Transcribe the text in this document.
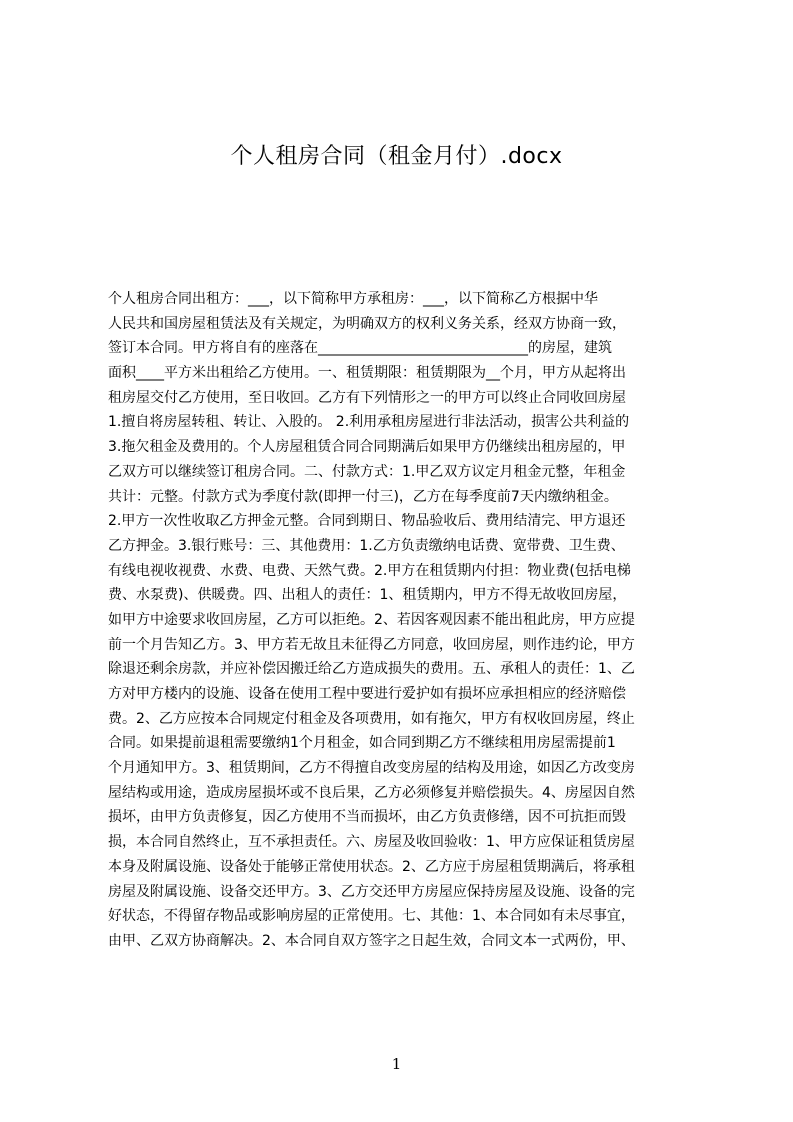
个人租房合同（租金月付）.docx
个人租房合同出租方：___，以下简称甲方承租房：___，以下简称乙方根据中华
人民共和国房屋租赁法及有关规定，为明确双方的权利义务关系，经双方协商一致，
签订本合同。甲方将自有的座落在______________________________的房屋，建筑
面积____平方米出租给乙方使用。一、租赁期限：租赁期限为__个月，甲方从起将出
租房屋交付乙方使用，至日收回。乙方有下列情形之一的甲方可以终止合同收回房屋
1.擅自将房屋转租、转让、入股的。 2.利用承租房屋进行非法活动，损害公共利益的
3.拖欠租金及费用的。个人房屋租赁合同合同期满后如果甲方仍继续出租房屋的，甲
乙双方可以继续签订租房合同。二、付款方式：1.甲乙双方议定月租金元整，年租金
共计：元整。付款方式为季度付款(即押一付三)，乙方在每季度前7天内缴纳租金。
2.甲方一次性收取乙方押金元整。合同到期日、物品验收后、费用结清完、甲方退还
乙方押金。3.银行账号：三、其他费用：1.乙方负责缴纳电话费、宽带费、卫生费、
有线电视收视费、水费、电费、天然气费。2.甲方在租赁期内付担：物业费(包括电梯
费、水泵费)、供暖费。四、出租人的责任：1、租赁期内，甲方不得无故收回房屋，
如甲方中途要求收回房屋，乙方可以拒绝。2、若因客观因素不能出租此房，甲方应提
前一个月告知乙方。3、甲方若无故且未征得乙方同意，收回房屋，则作违约论，甲方
除退还剩余房款，并应补偿因搬迁给乙方造成损失的费用。五、承租人的责任：1、乙
方对甲方楼内的设施、设备在使用工程中要进行爱护如有损坏应承担相应的经济赔偿
费。2、乙方应按本合同规定付租金及各项费用，如有拖欠，甲方有权收回房屋，终止
合同。如果提前退租需要缴纳1个月租金，如合同到期乙方不继续租用房屋需提前1
个月通知甲方。3、租赁期间，乙方不得擅自改变房屋的结构及用途，如因乙方改变房
屋结构或用途，造成房屋损坏或不良后果，乙方必须修复并赔偿损失。4、房屋因自然
损坏，由甲方负责修复，因乙方使用不当而损坏，由乙方负责修缮，因不可抗拒而毁
损，本合同自然终止，互不承担责任。六、房屋及收回验收：1、甲方应保证租赁房屋
本身及附属设施、设备处于能够正常使用状态。2、乙方应于房屋租赁期满后，将承租
房屋及附属设施、设备交还甲方。3、乙方交还甲方房屋应保持房屋及设施、设备的完
好状态，不得留存物品或影响房屋的正常使用。七、其他：1、本合同如有未尽事宜，
由甲、乙双方协商解决。2、本合同自双方签字之日起生效，合同文本一式两份，甲、
1
